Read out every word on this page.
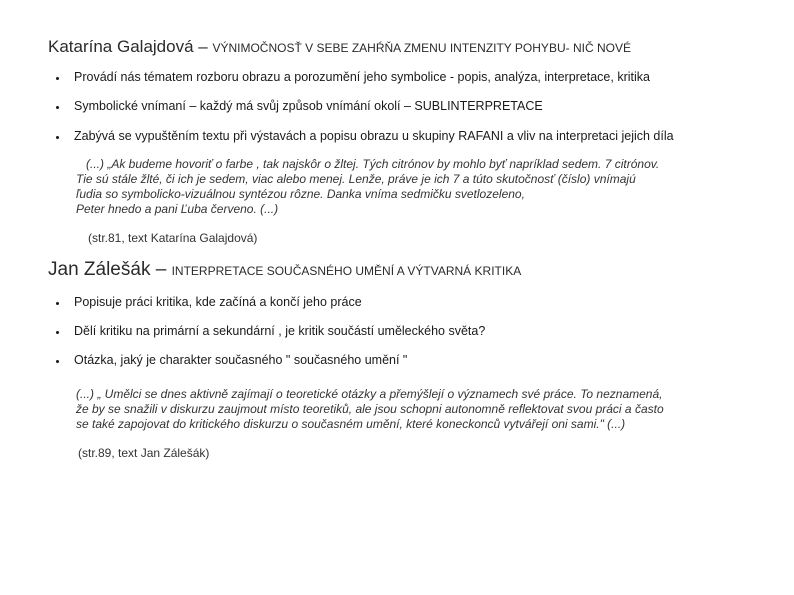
Katarína Galajdová – VÝNIMOČNOSŤ V SEBE ZAHŔŇA ZMENU INTENZITY POHYBU- NIČ NOVÉ
Provádí nás tématem rozboru obrazu a porozumění jeho symbolice - popis, analýza, interpretace, kritika
Symbolické vnímaní – každý má svůj způsob vnímání okolí – SUBLINTERPRETACE
Zabývá se vypuštěním textu při výstavách a popisu obrazu u skupiny RAFANI a vliv na interpretaci jejich díla
(...) „Ak budeme hovoriť o farbe , tak najskôr o žltej. Tých citrónov by mohlo byť napríklad sedem. 7 citrónov.
Tie sú stále žlté, či ich je sedem, viac alebo menej. Lenže, práve je ich 7 a túto skutočnosť (číslo) vnímajú
ľudia so symbolicko-vizuálnou syntézou rôzne. Danka vníma sedmičku svetlozeleno,
Peter hnedo a pani Ľuba červeno. (...)
(str.81, text Katarína Galajdová)
Jan Zálešák – INTERPRETACE SOUČASNÉHO UMĚNÍ A VÝTVARNÁ KRITIKA
Popisuje práci kritika, kde začíná a končí jeho práce
Dělí kritiku na primární a sekundární , je kritik součástí uměleckého světa?
Otázka, jaký je charakter současného " současného umění "
(...) „ Umělci se dnes aktivně zajímají o teoretické otázky a přemýšlejí o významech své práce. To neznamená,
že by se snažili v diskurzu zaujmout místo teoretiků, ale jsou schopni autonomně reflektovat svou práci a často
se také zapojovat do kritického diskurzu o současném umění, které koneckonců vytvářejí oni sami." (...)
(str.89, text Jan Zálešák)
